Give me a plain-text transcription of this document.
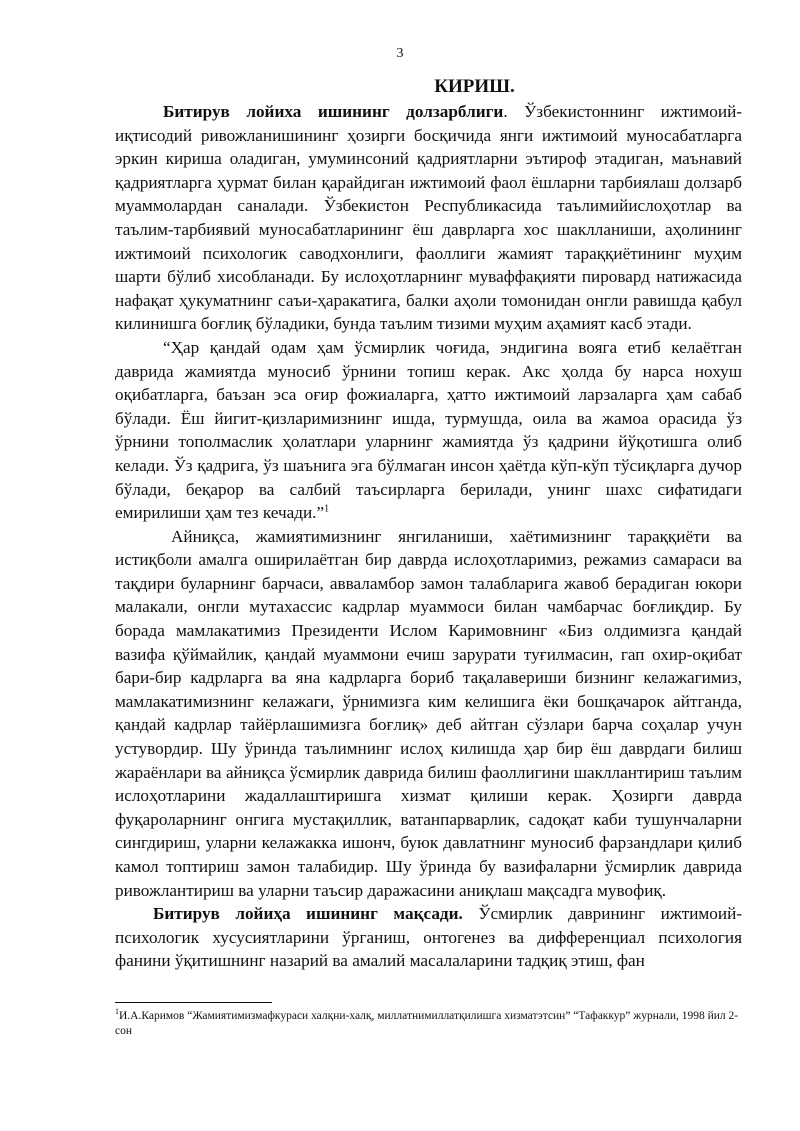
3
КИРИШ.

Битирув лойиха ишининг долзарблиги. Ўзбекистоннинг ижтимоий-иқтисодий ривожланишининг ҳозирги босқичида янги ижтимоий муносабатларга эркин кириша оладиган, умуминсоний қадриятларни эътироф этадиган, маънавий қадриятларга ҳурмат билан қарайдиган ижтимоий фаол ёшларни тарбиялаш долзарб муаммолардан саналади. Ўзбекистон Республикасида таълимийислоҳотлар ва таълим-тарбиявий муносабатларининг ёш даврларга хос шаклланиши, аҳолининг ижтимоий психологик саводхонлиги, фаоллиги жамият тараққиётининг муҳим шарти бўлиб хисобланади. Бу ислоҳотларнинг муваффақияти пировард натижасида нафақат ҳукуматнинг саъи-ҳаракатига, балки аҳоли томонидан онгли равишда қабул килинишга боғлиқ бўладики, бунда таълим тизими муҳим аҳамият касб этади.

“Ҳар қандай одам ҳам ўсмирлик чоғида, эндигина вояга етиб келаётган даврида жамиятда муносиб ўрнини топиш керак. Акс ҳолда бу нарса нохуш оқибатларга, баъзан эса оғир фожиаларга, ҳатто ижтимоий ларзаларга ҳам сабаб бўлади. Ёш йигит-қизларимизнинг ишда, турмушда, оила ва жамоа орасида ўз ўрнини тополмаслик ҳолатлари уларнинг жамиятда ўз қадрини йўқотишга олиб келади. Ўз қадрига, ўз шаънига эга бўлмаган инсон ҳаётда кўп-кўп тўсиқларга дучор бўлади, беқарор ва салбий таъсирларга берилади, унинг шахс сифатидаги емирилиши ҳам тез кечади.”$^1$

Айниқса, жамиятимизнинг янгиланиши, хаётимизнинг тараққиёти ва истиқболи амалга оширилаётган бир даврда ислоҳотларимиз, режамиз самараси ва тақдири буларнинг барчаси, авваламбор замон талабларига жавоб берадиган юкори малакали, онгли мутахассис кадрлар муаммоси билан чамбарчас боғлиқдир. Бу борада мамлакатимиз Президенти Ислом Каримовнинг «Биз олдимизга қандай вазифа қўймайлик, қандай муаммони ечиш зарурати туғилмасин, гап охир-оқибат бари-бир кадрларга ва яна кадрларга бориб тақалавериши бизнинг келажагимиз, мамлакатимизнинг келажаги, ўрнимизга ким келишига ёки бошқачарок айтганда, қандай кадрлар тайёрлашимизга боғлиқ» деб айтган сўзлари барча соҳалар учун устувордир. Шу ўринда таълимнинг ислоҳ килишда ҳар бир ёш даврдаги билиш жараёнлари ва айниқса ўсмирлик даврида билиш фаоллигини шакллантириш таълим ислоҳотларини жадаллаштиришга хизмат қилиши керак. Ҳозирги даврда фуқароларнинг онгига мустақиллик, ватанпарварлик, садоқат каби тушунчаларни сингдириш, уларни келажакка ишонч, буюк давлатнинг муносиб фарзандлари қилиб камол топтириш замон талабидир. Шу ўринда бу вазифаларни ўсмирлик даврида ривожлантириш ва уларни таъсир даражасини аниқлаш мақсадга мувофиқ.

Битирув лойиҳа ишининг мақсади. Ўсмирлик даврининг ижтимоий-психологик хусусиятларини ўрганиш, онтогенез ва дифференциал психология фанини ўқитишнинг назарий ва амалий масалаларини тадқиқ этиш, фан

$^1$И.А.Каримов “Жамиятимизмафкураси халқни-халқ, миллатнимиллатқилишга хизматэтсин” “Тафаккур” журнали, 1998 йил 2-сон
